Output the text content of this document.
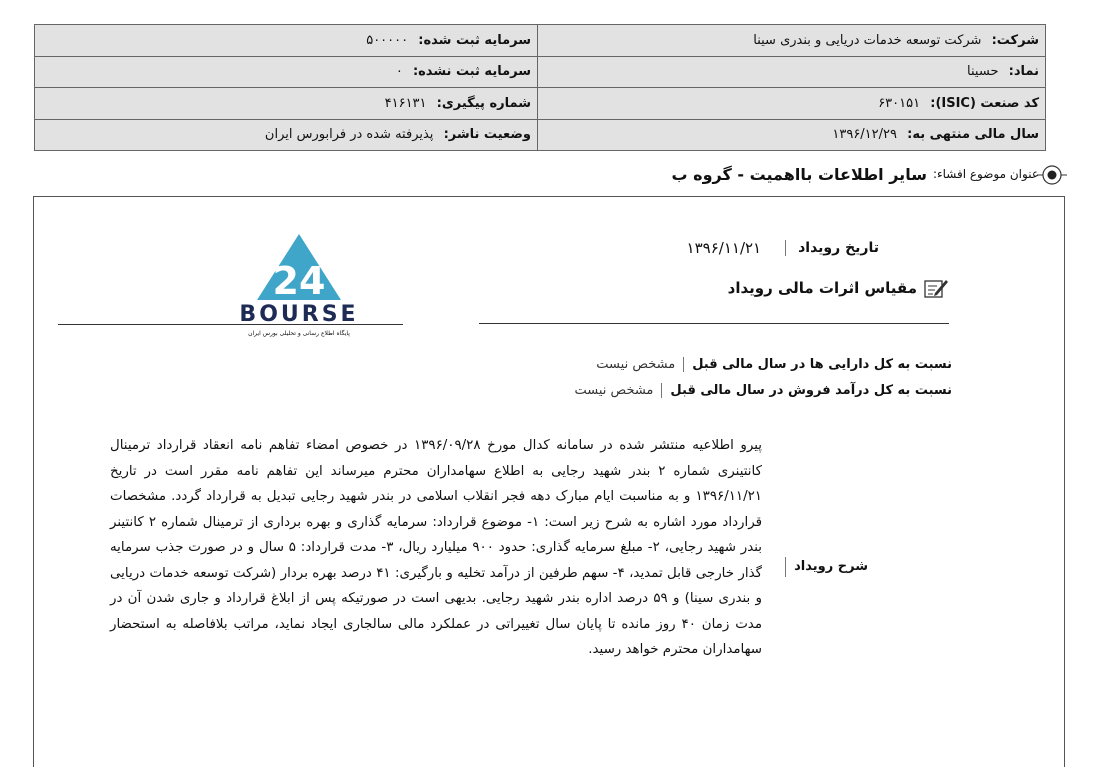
شرکت: شرکت توسعه خدمات دریایی و بندری سینا	سرمایه ثبت شده: ۵۰۰۰۰۰
نماد: حسینا	سرمایه ثبت نشده: ۰
کد صنعت (ISIC): ۶۳۰۱۵۱	شماره پیگیری: ۴۱۶۱۳۱
سال مالی منتهی به: ۱۳۹۶/۱۲/۲۹	وضعیت ناشر: پذیرفته شده در فرابورس ایران
عنوان موضوع افشاء:
سایر اطلاعات بااهمیت - گروه ب
24
BOURSE
پایگاه اطلاع رسانی و تحلیلی بورس ایران
تاریخ رویداد
۱۳۹۶/۱۱/۲۱
مقیاس اثرات مالی رویداد
نسبت به کل دارایی ها در سال مالی قبل
مشخص نیست
نسبت به کل درآمد فروش در سال مالی قبل
مشخص نیست
شرح رویداد
پیرو اطلاعیه منتشر شده در سامانه کدال مورخ ۱۳۹۶/۰۹/۲۸ در خصوص امضاء تفاهم نامه انعقاد قرارداد ترمینال کانتینری شماره ۲ بندر شهید رجایی به اطلاع سهامداران محترم میرساند این تفاهم نامه مقرر است در تاریخ ۱۳۹۶/۱۱/۲۱ و به مناسبت ایام مبارک دهه فجر انقلاب اسلامی در بندر شهید رجایی تبدیل به قرارداد گردد. مشخصات قرارداد مورد اشاره به شرح زیر است: ۱- موضوع قرارداد: سرمایه گذاری و بهره برداری از ترمینال شماره ۲ کانتینر بندر شهید رجایی، ۲- مبلغ سرمایه گذاری: حدود ۹۰۰ میلیارد ریال، ۳- مدت قرارداد: ۵ سال و در صورت جذب سرمایه گذار خارجی قابل تمدید، ۴- سهم طرفین از درآمد تخلیه و بارگیری: ۴۱ درصد بهره بردار (شرکت توسعه خدمات دریایی و بندری سینا) و ۵۹ درصد اداره بندر شهید رجایی. بدیهی است در صورتیکه پس از ابلاغ قرارداد و جاری شدن آن در مدت زمان ۴۰ روز مانده تا پایان سال تغییراتی در عملکرد مالی سالجاری ایجاد نماید، مراتب بلافاصله به استحضار سهامداران محترم خواهد رسید.
